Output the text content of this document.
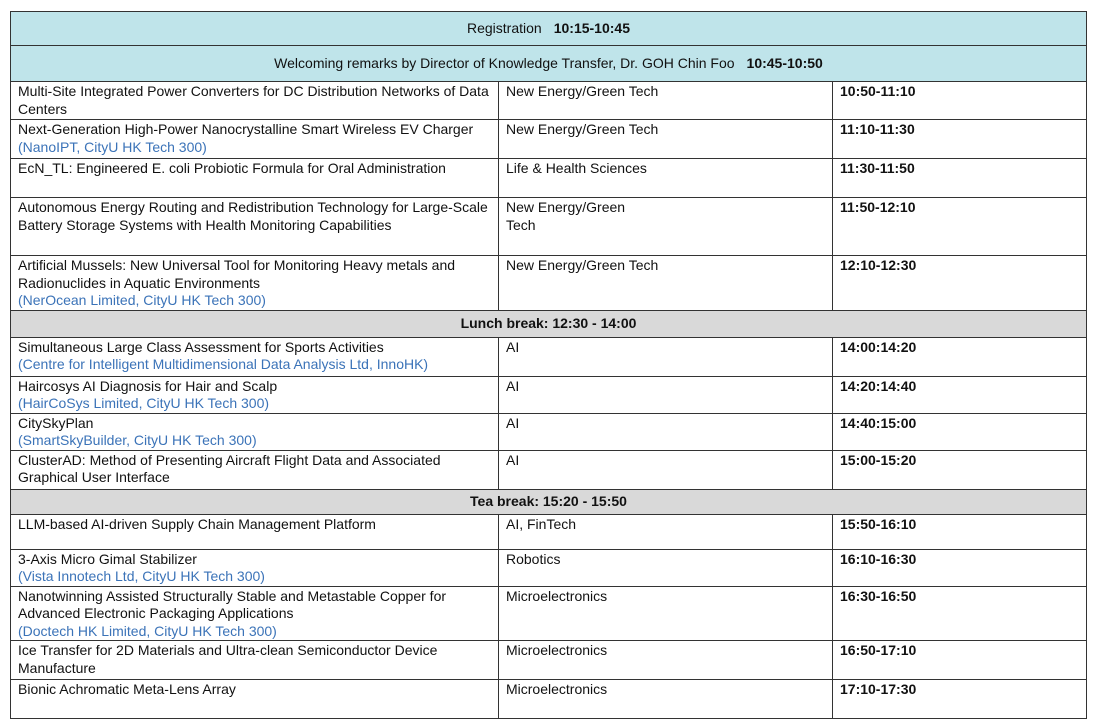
Registration 10:15-10:45		
Welcoming remarks by Director of Knowledge Transfer, Dr. GOH Chin Foo 10:45-10:50		
Multi-Site Integrated Power Converters for DC Distribution Networks of Data Centers	New Energy/Green Tech	10:50-11:10
Next-Generation High-Power Nanocrystalline Smart Wireless EV Charger
(NanoIPT, CityU HK Tech 300)	New Energy/Green Tech	11:10-11:30
EcN_TL: Engineered E. coli Probiotic Formula for Oral Administration	Life & Health Sciences	11:30-11:50
Autonomous Energy Routing and Redistribution Technology for Large-Scale Battery Storage Systems with Health Monitoring Capabilities	New Energy/Green Tech	11:50-12:10
Artificial Mussels: New Universal Tool for Monitoring Heavy metals and Radionuclides in Aquatic Environments
(NerOcean Limited, CityU HK Tech 300)	New Energy/Green Tech	12:10-12:30
Lunch break: 12:30 - 14:00		
Simultaneous Large Class Assessment for Sports Activities
(Centre for Intelligent Multidimensional Data Analysis Ltd, InnoHK)	AI	14:00:14:20
Haircosys AI Diagnosis for Hair and Scalp
(HairCoSys Limited, CityU HK Tech 300)	AI	14:20:14:40
CitySkyPlan
(SmartSkyBuilder, CityU HK Tech 300)	AI	14:40:15:00
ClusterAD: Method of Presenting Aircraft Flight Data and Associated Graphical User Interface	AI	15:00-15:20
Tea break: 15:20 - 15:50		
LLM-based AI-driven Supply Chain Management Platform	AI, FinTech	15:50-16:10
3-Axis Micro Gimal Stabilizer
(Vista Innotech Ltd, CityU HK Tech 300)	Robotics	16:10-16:30
Nanotwinning Assisted Structurally Stable and Metastable Copper for Advanced Electronic Packaging Applications
(Doctech HK Limited, CityU HK Tech 300)	Microelectronics	16:30-16:50
Ice Transfer for 2D Materials and Ultra-clean Semiconductor Device Manufacture	Microelectronics	16:50-17:10
Bionic Achromatic Meta-Lens Array	Microelectronics	17:10-17:30
